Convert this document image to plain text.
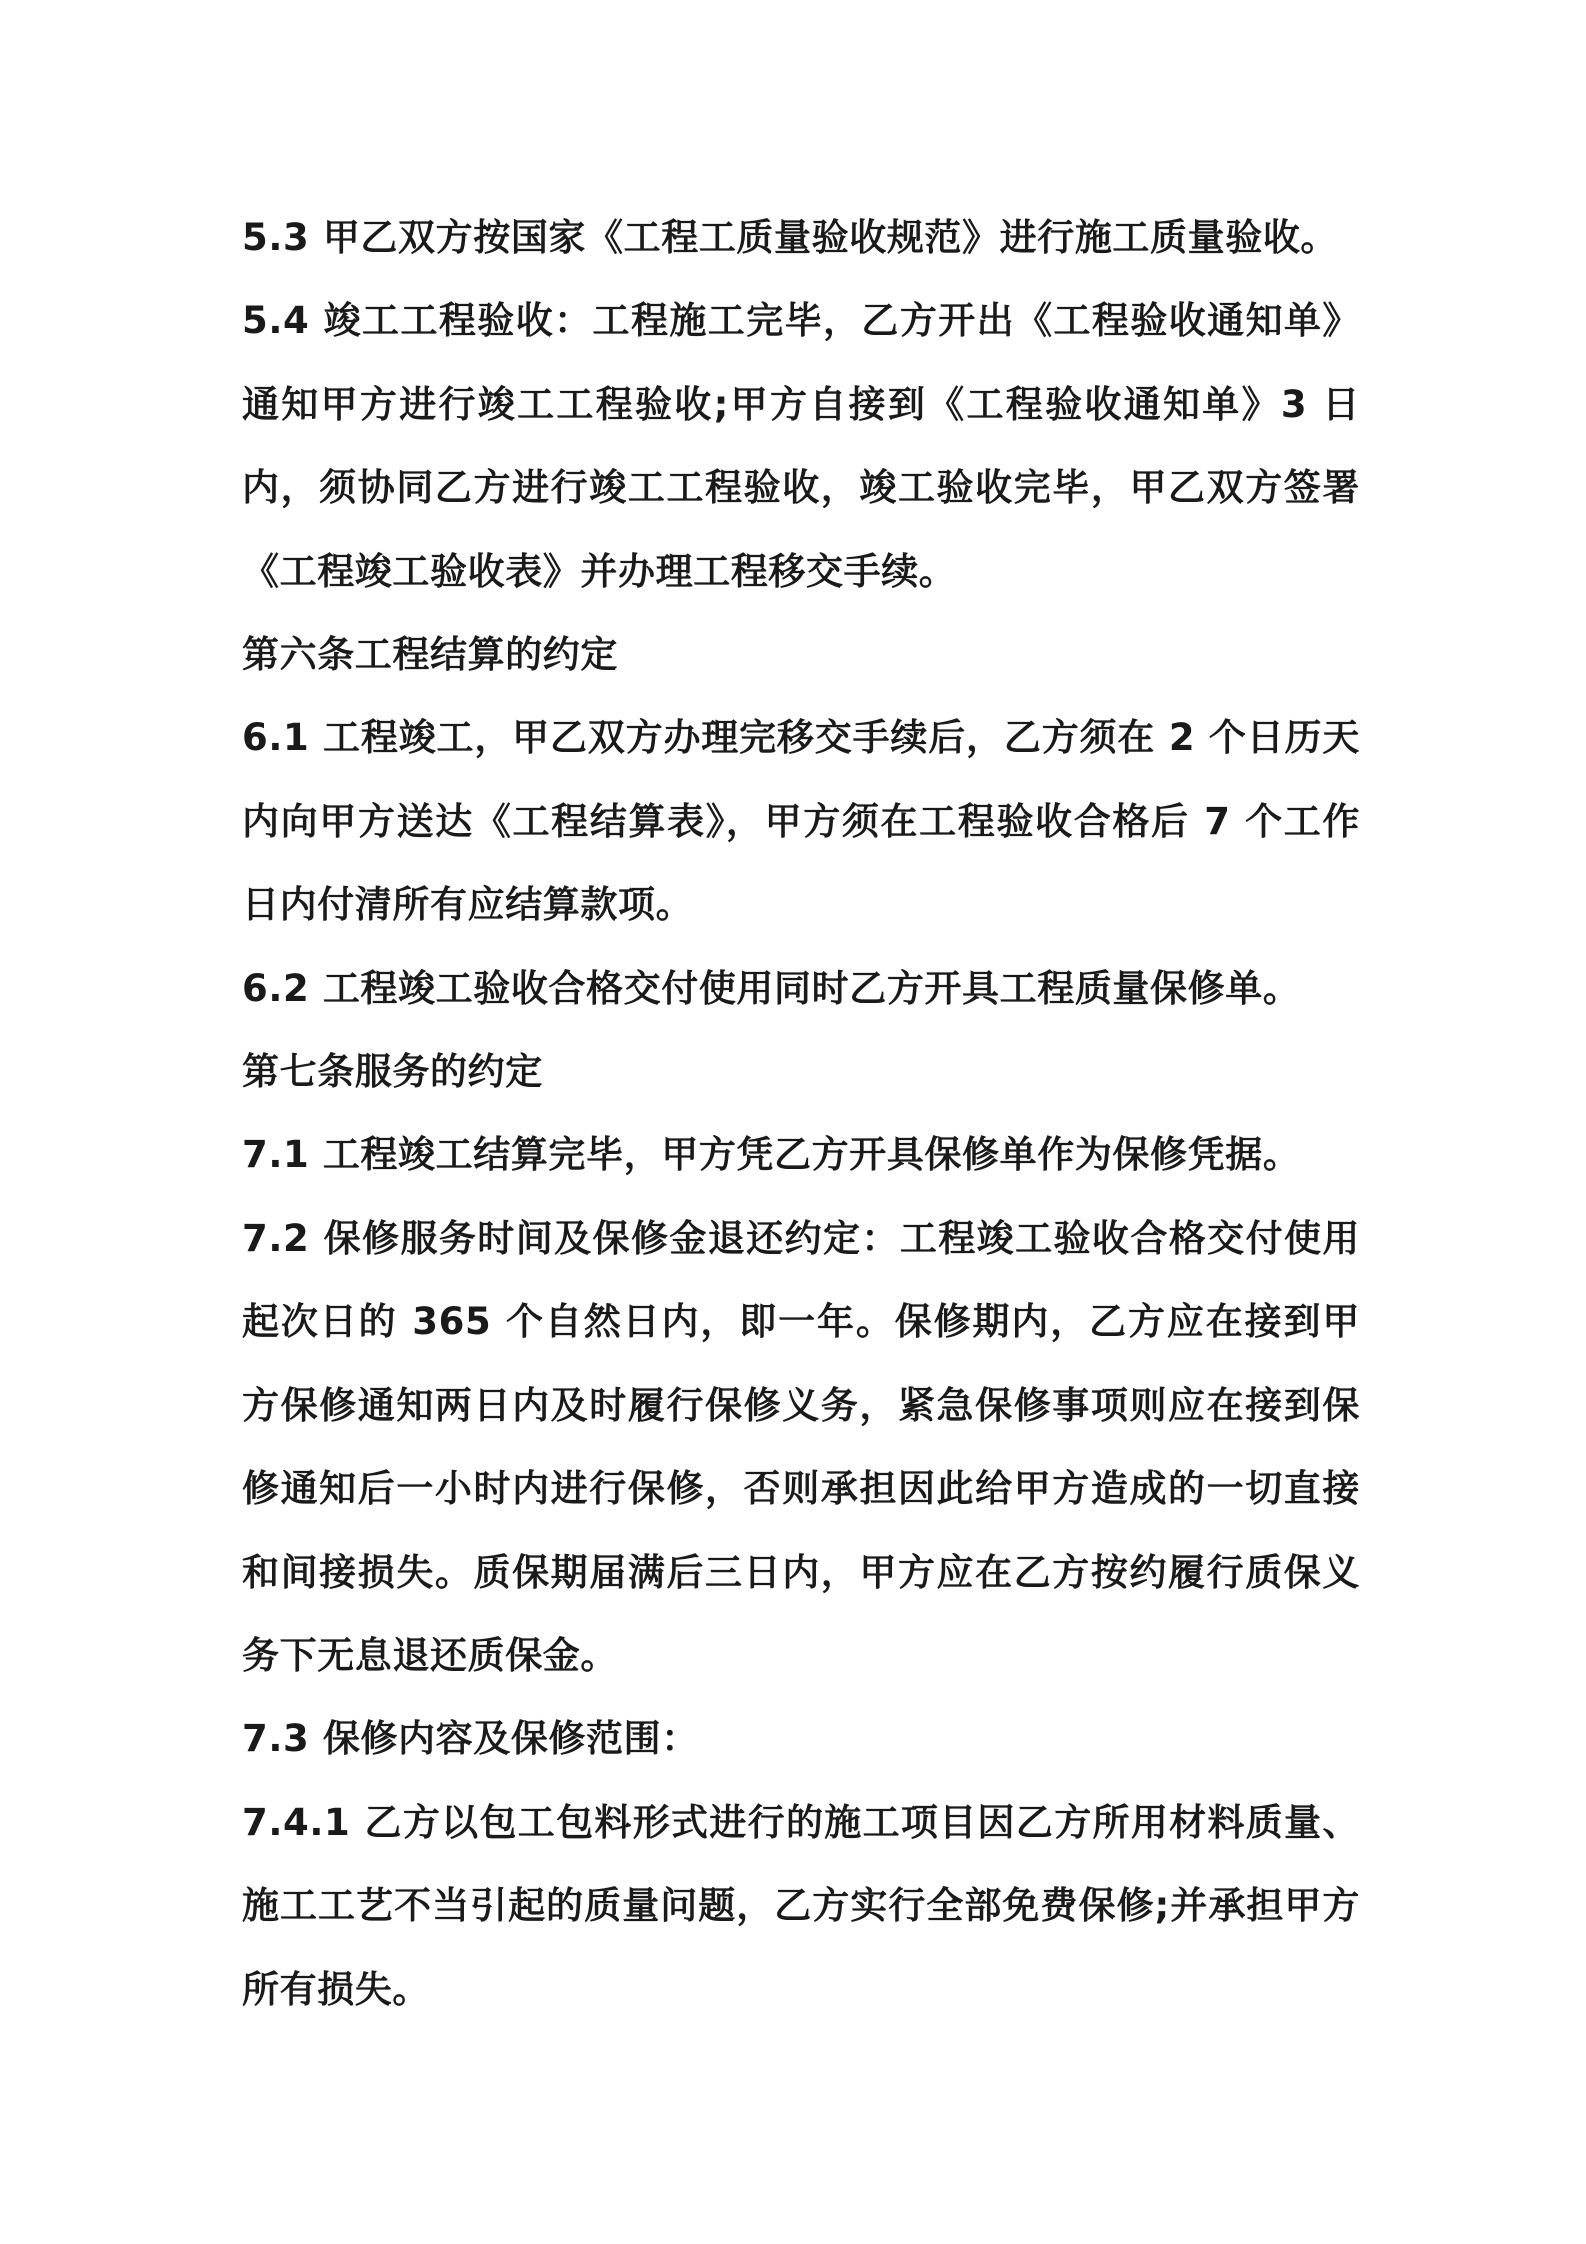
5.3 甲乙双方按国家《工程工质量验收规范》进行施工质量验收。

5.4 竣工工程验收：工程施工完毕，乙方开出《工程验收通知单》通知甲方进行竣工工程验收;甲方自接到《工程验收通知单》3 日内，须协同乙方进行竣工工程验收，竣工验收完毕，甲乙双方签署《工程竣工验收表》并办理工程移交手续。

第六条工程结算的约定

6.1 工程竣工，甲乙双方办理完移交手续后，乙方须在 2 个日历天内向甲方送达《工程结算表》，甲方须在工程验收合格后 7 个工作日内付清所有应结算款项。

6.2 工程竣工验收合格交付使用同时乙方开具工程质量保修单。

第七条服务的约定

7.1 工程竣工结算完毕，甲方凭乙方开具保修单作为保修凭据。

7.2 保修服务时间及保修金退还约定：工程竣工验收合格交付使用起次日的 365 个自然日内，即一年。保修期内，乙方应在接到甲方保修通知两日内及时履行保修义务，紧急保修事项则应在接到保修通知后一小时内进行保修，否则承担因此给甲方造成的一切直接和间接损失。质保期届满后三日内，甲方应在乙方按约履行质保义务下无息退还质保金。

7.3 保修内容及保修范围：

7.4.1 乙方以包工包料形式进行的施工项目因乙方所用材料质量、施工工艺不当引起的质量问题，乙方实行全部免费保修;并承担甲方所有损失。
